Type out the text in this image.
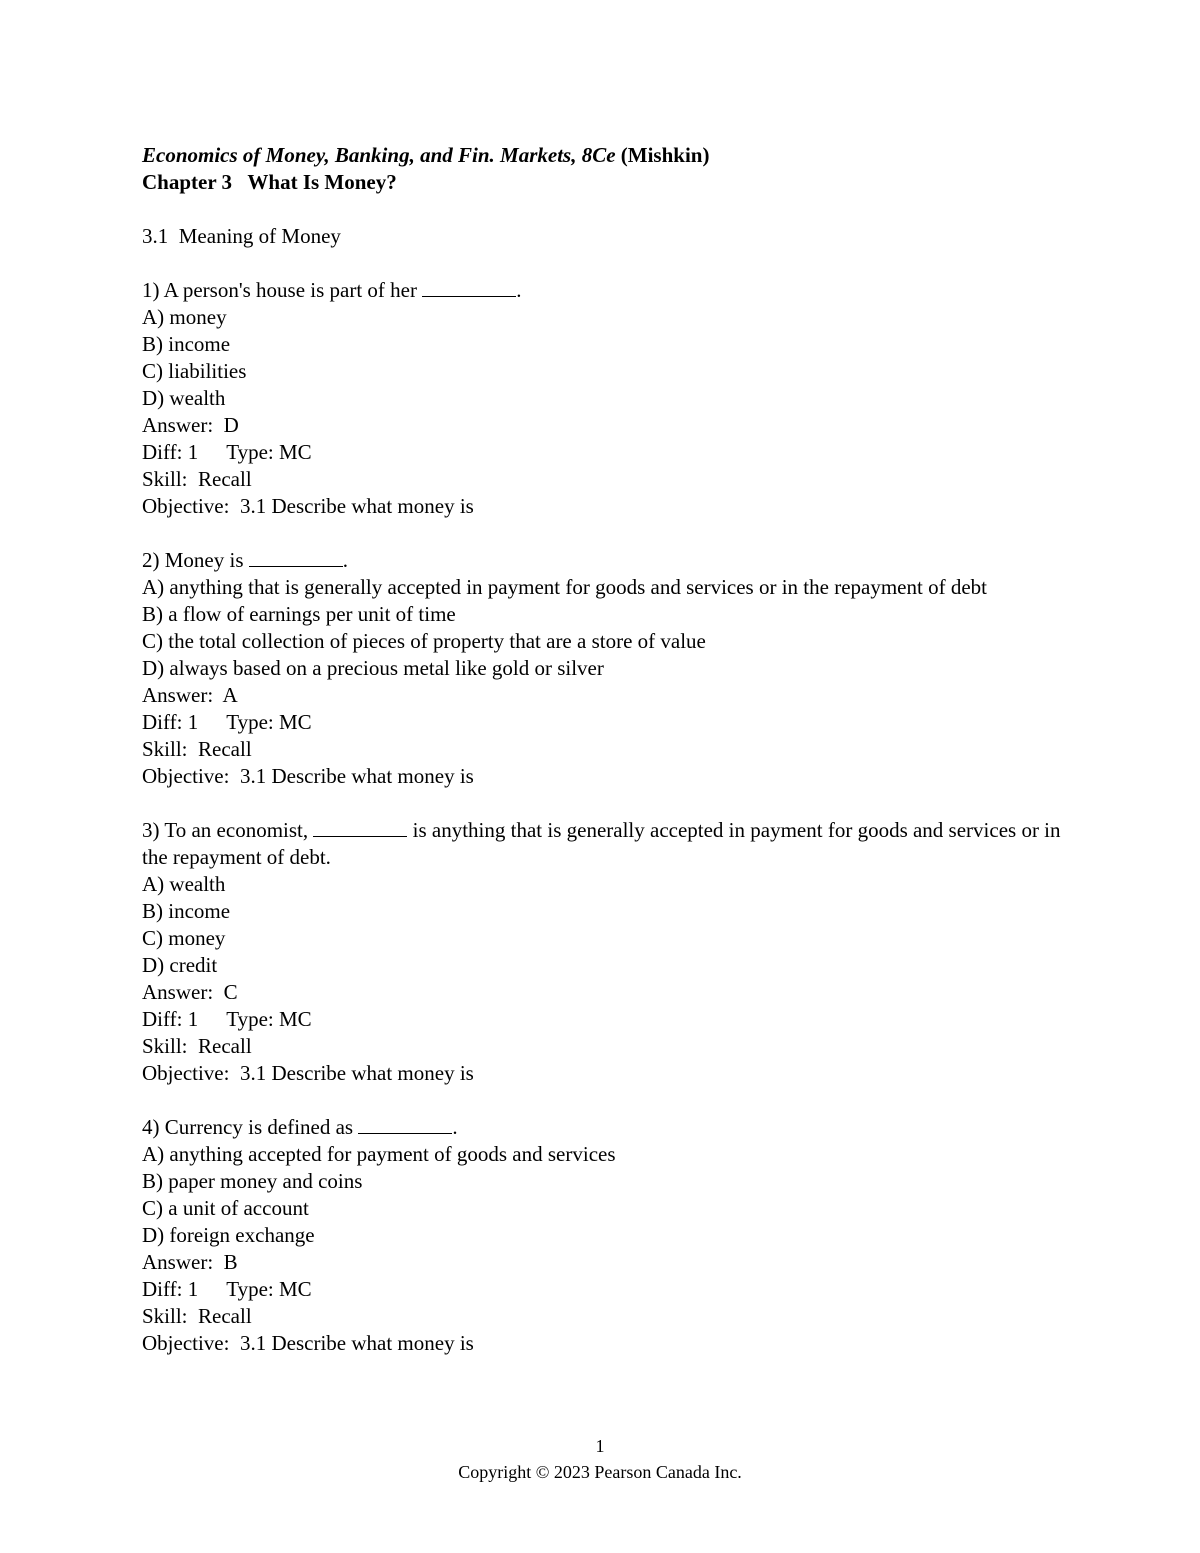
Economics of Money, Banking, and Fin. Markets, 8Ce (Mishkin)
Chapter 3   What Is Money?
3.1  Meaning of Money
1) A person's house is part of her	.
A) money
B) income
C) liabilities
D) wealth
Answer:  D
Diff: 1 Type: MC
Skill:  Recall
Objective:  3.1 Describe what money is
2) Money is	.
A) anything that is generally accepted in payment for goods and services or in the repayment of debt
B) a flow of earnings per unit of time
C) the total collection of pieces of property that are a store of value
D) always based on a precious metal like gold or silver
Answer:  A
Diff: 1 Type: MC
Skill:  Recall
Objective:  3.1 Describe what money is
3) To an economist,	is anything that is generally accepted in payment for goods and services or in the repayment of debt.
A) wealth
B) income
C) money
D) credit
Answer:  C
Diff: 1 Type: MC
Skill:  Recall
Objective:  3.1 Describe what money is
4) Currency is defined as	.
A) anything accepted for payment of goods and services
B) paper money and coins
C) a unit of account
D) foreign exchange
Answer:  B
Diff: 1 Type: MC
Skill:  Recall
Objective:  3.1 Describe what money is
1
Copyright © 2023 Pearson Canada Inc.
